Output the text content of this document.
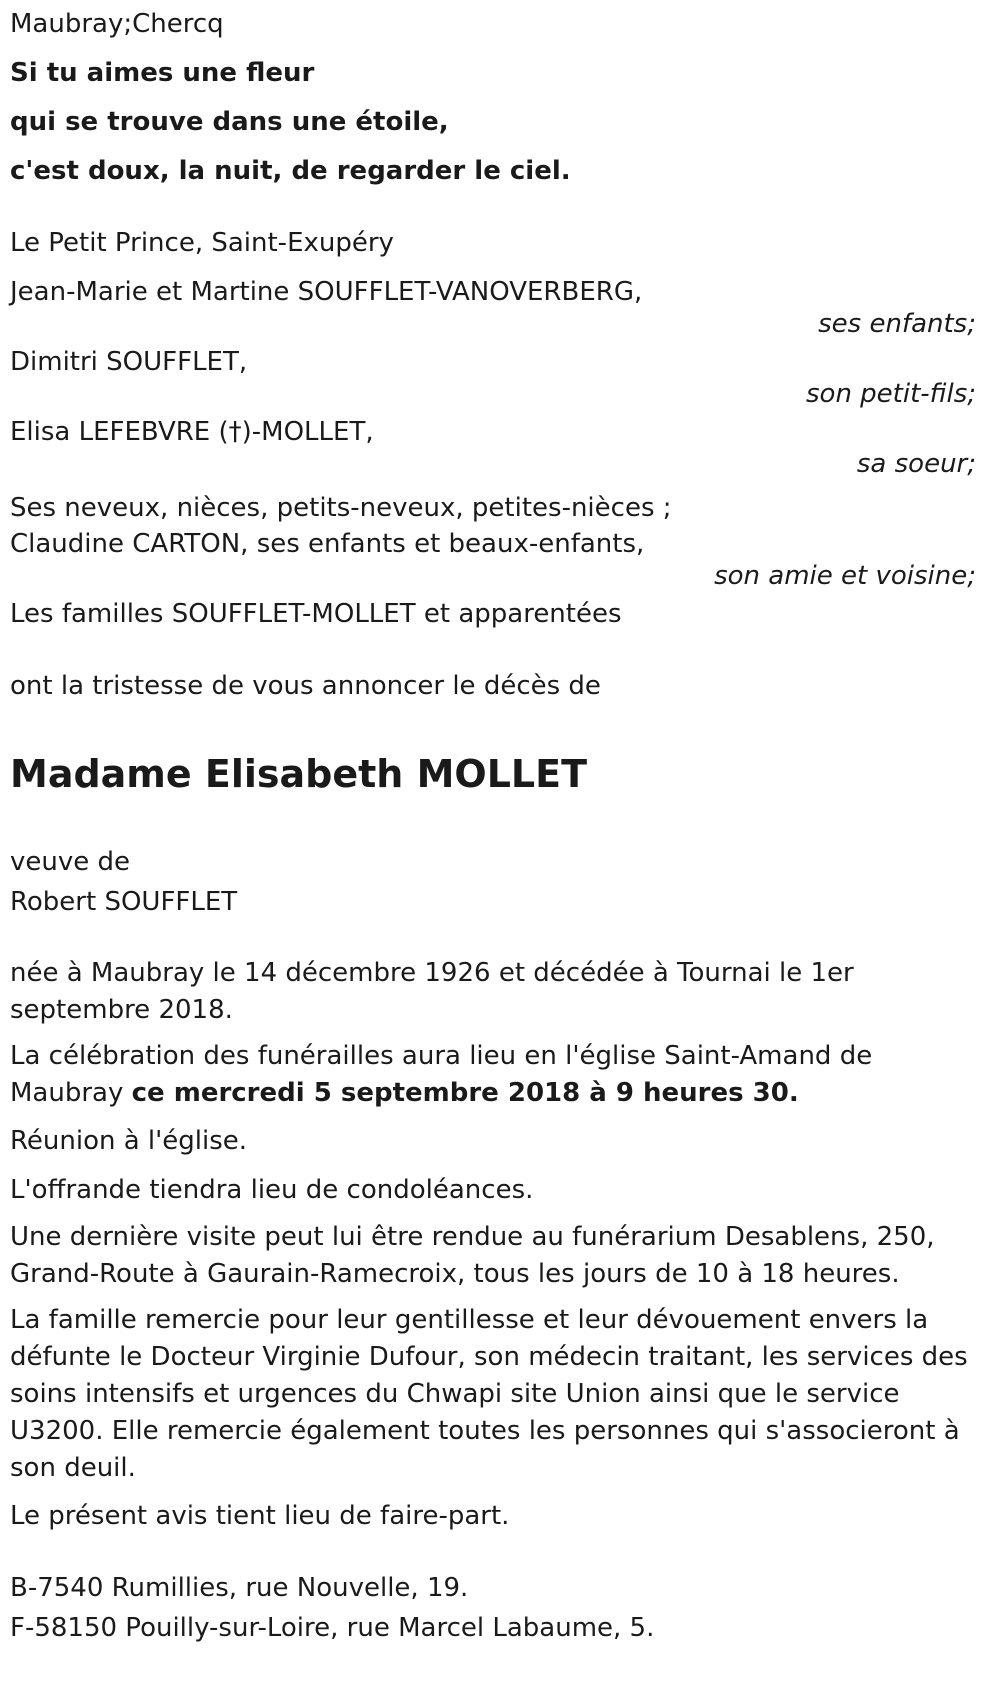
Maubray;Chercq

Si tu aimes une fleur

qui se trouve dans une étoile,

c'est doux, la nuit, de regarder le ciel.

Le Petit Prince, Saint-Exupéry

Jean-Marie et Martine SOUFFLET-VANOVERBERG,

ses enfants;

Dimitri SOUFFLET,

son petit-fils;

Elisa LEFEBVRE (†)-MOLLET,

sa soeur;

Ses neveux, nièces, petits-neveux, petites-nièces ;

Claudine CARTON, ses enfants et beaux-enfants,

son amie et voisine;

Les familles SOUFFLET-MOLLET et apparentées

ont la tristesse de vous annoncer le décès de

Madame Elisabeth MOLLET

veuve de

Robert SOUFFLET

née à Maubray le 14 décembre 1926 et décédée à Tournai le 1er septembre 2018.

La célébration des funérailles aura lieu en l'église Saint-Amand de Maubray ce mercredi 5 septembre 2018 à 9 heures 30.

Réunion à l'église.

L'offrande tiendra lieu de condoléances.

Une dernière visite peut lui être rendue au funérarium Desablens, 250, Grand-Route à Gaurain-Ramecroix, tous les jours de 10 à 18 heures.

La famille remercie pour leur gentillesse et leur dévouement envers la défunte le Docteur Virginie Dufour, son médecin traitant, les services des soins intensifs et urgences du Chwapi site Union ainsi que le service U3200. Elle remercie également toutes les personnes qui s'associeront à son deuil.

Le présent avis tient lieu de faire-part.

B-7540 Rumillies, rue Nouvelle, 19.

F-58150 Pouilly-sur-Loire, rue Marcel Labaume, 5.
